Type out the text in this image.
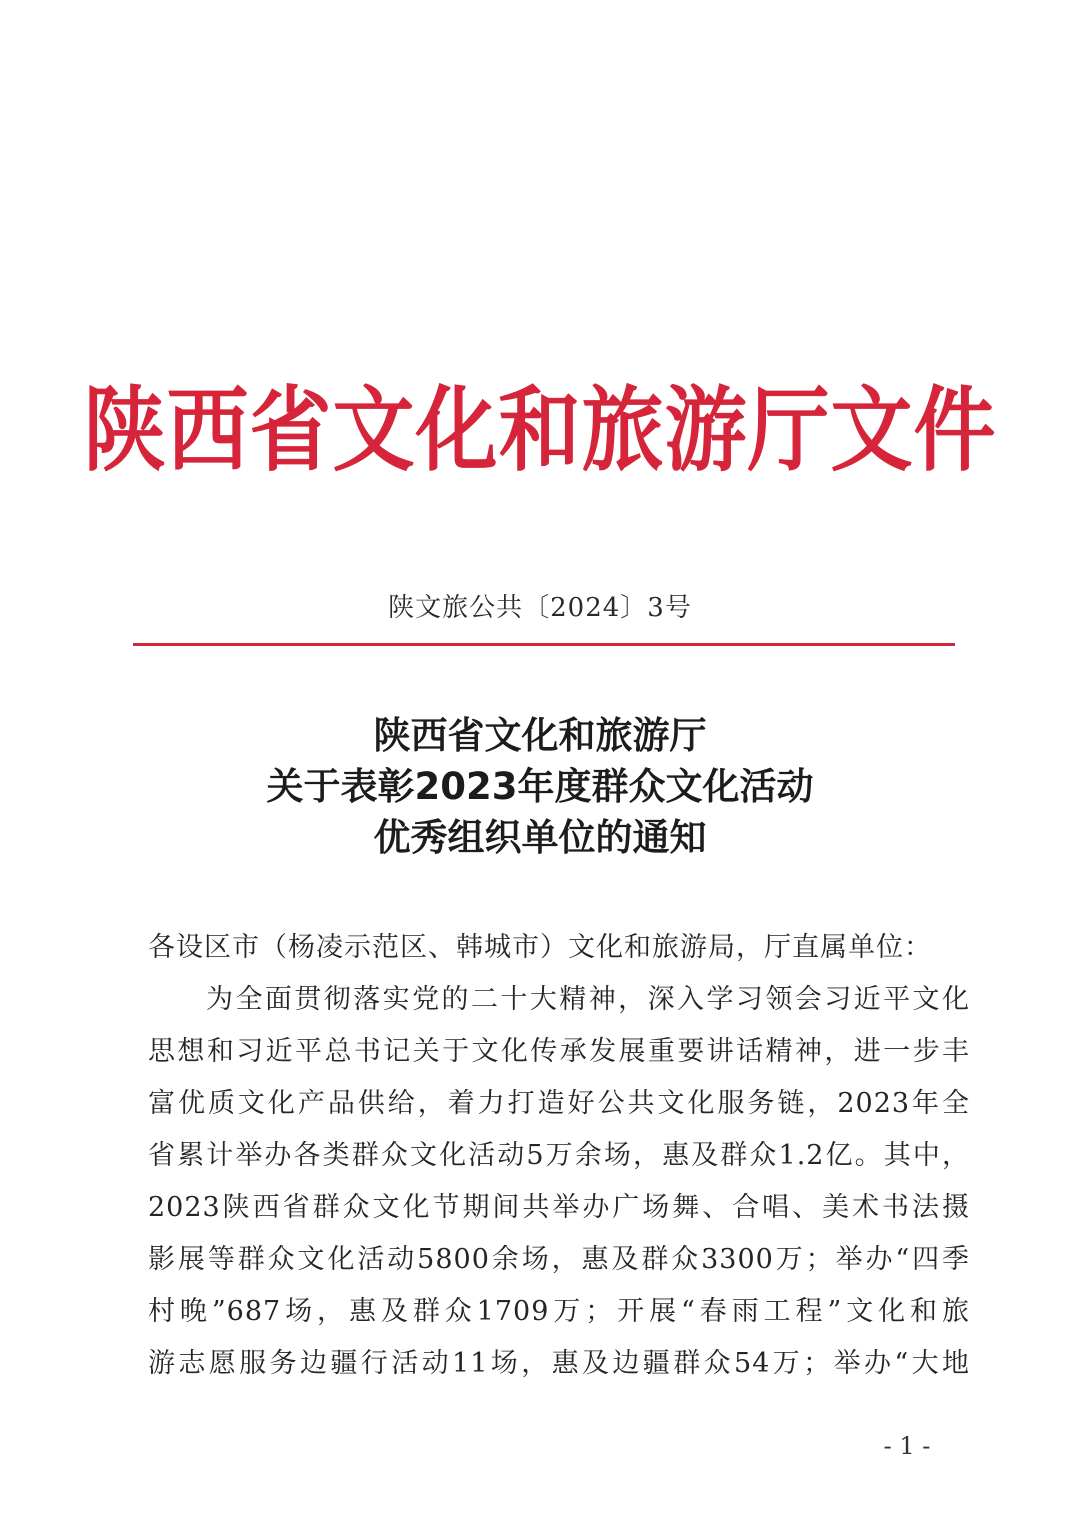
陕西省文化和旅游厅文件
陕文旅公共〔2024〕3号
陕西省文化和旅游厅
关于表彰2023年度群众文化活动
优秀组织单位的通知
各设区市（杨凌示范区、韩城市）文化和旅游局，厅直属单位：
为全面贯彻落实党的二十大精神，深入学习领会习近平文化
思想和习近平总书记关于文化传承发展重要讲话精神，进一步丰
富优质文化产品供给，着力打造好公共文化服务链，2023年全
省累计举办各类群众文化活动5万余场，惠及群众1.2亿。其中，
2023陕西省群众文化节期间共举办广场舞、合唱、美术书法摄
影展等群众文化活动5800余场，惠及群众3300万；举办“四季
村晚”687场，惠及群众1709万；开展“春雨工程”文化和旅
游志愿服务边疆行活动11场，惠及边疆群众54万；举办“大地
- 1 -
